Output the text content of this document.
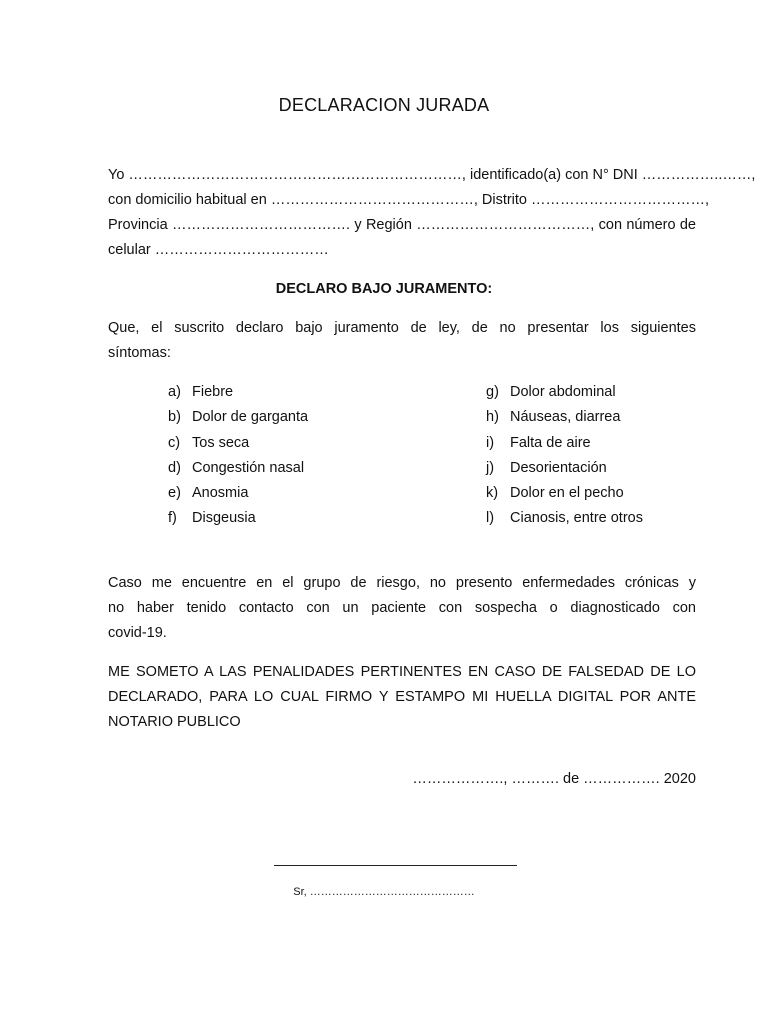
DECLARACION JURADA
Yo ……………………………………………………………, identificado(a) con N° DNI ……………..……,
con domicilio habitual en ……………………………………, Distrito ………………………………,
Provincia ………………………………. y Región ………………………………, con número de
celular ………………………………
DECLARO BAJO JURAMENTO:
Que, el suscrito declaro bajo juramento de ley, de no presentar los siguientes
síntomas:
a) Fiebre
b) Dolor de garganta
c) Tos seca
d) Congestión nasal
e) Anosmia
f)	Disgeusia
g) Dolor abdominal
h) Náuseas, diarrea
i)	Falta de aire
j)	Desorientación
k) Dolor en el pecho
l)	Cianosis, entre otros
Caso me encuentre en el grupo de riesgo, no presento enfermedades crónicas y
no haber tenido contacto con un paciente con sospecha o diagnosticado con
covid-19.
ME SOMETO A LAS PENALIDADES PERTINENTES EN CASO DE FALSEDAD DE LO
DECLARADO, PARA LO CUAL FIRMO Y ESTAMPO MI HUELLA DIGITAL POR ANTE
NOTARIO PUBLICO
………………., ………. de ……………. 2020
Sr, ………………………………………
